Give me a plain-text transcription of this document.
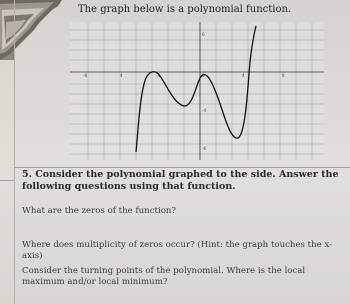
The graph below is a polynomial function.
-8	4	-4	0	4	8
6
-4
-6
5. Consider the polynomial graphed to the side. Answer the following questions using that function.
What are the zeros of the function?
Where does multiplicity of zeros occur? (Hint: the graph touches the x-axis)
Consider the turning points of the polynomial. Where is the local maximum and/or local minimum?
